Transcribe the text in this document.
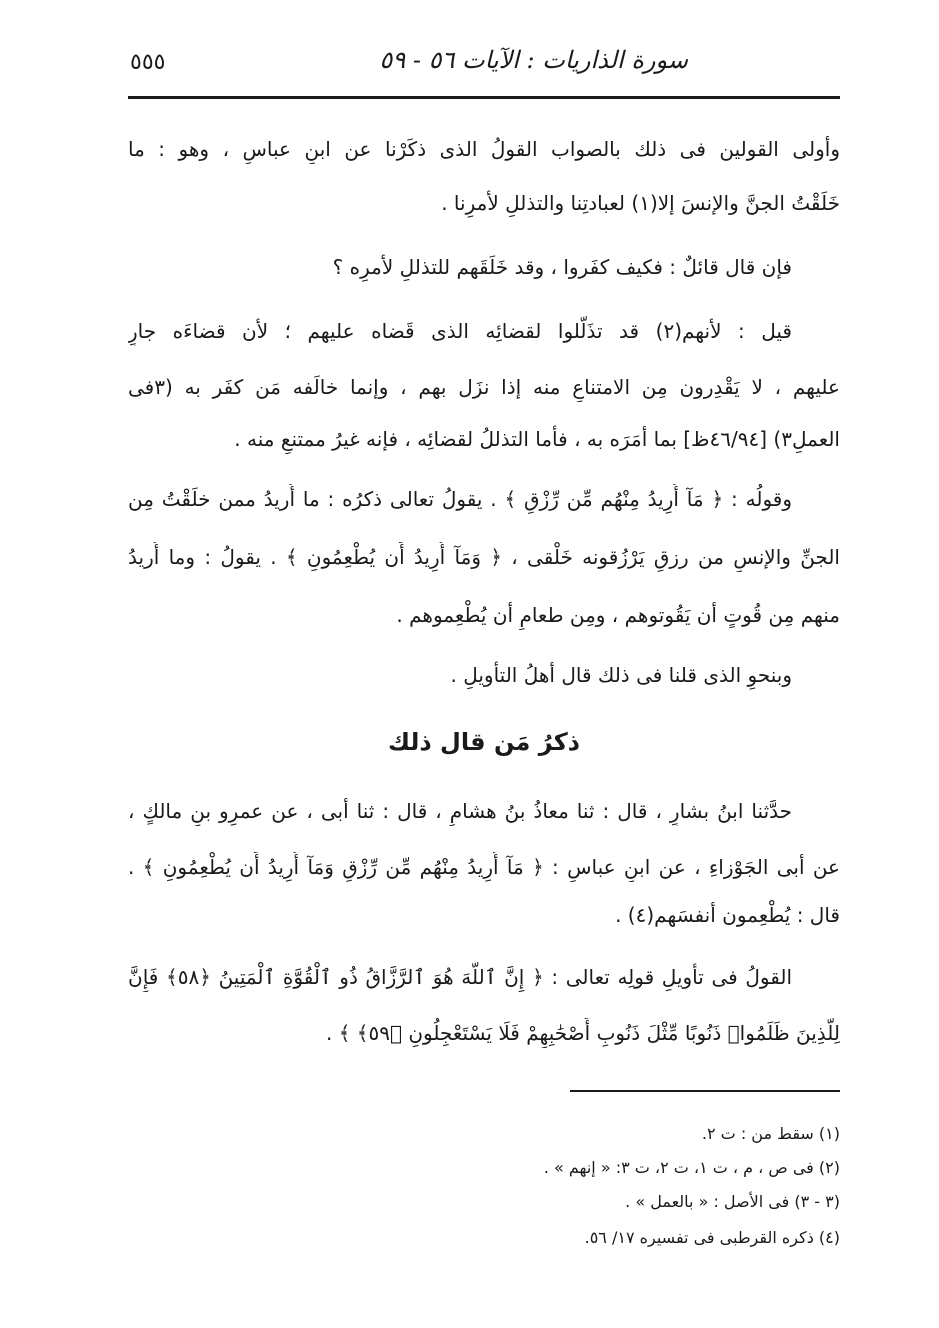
سورة الذاريات : الآيات ٥٦ - ٥٩
٥٥٥
وأولى القولين فى ذلك بالصواب القولُ الذى ذكَرْنا عن ابنِ عباسٍ ، وهو : ما
خَلَقْتُ الجنَّ والإنسَ إلا(١) لعبادتِنا والتذللِ لأمرِنا .
فإن قال قائلٌ : فكيف كفَروا ، وقد خَلَقَهم للتذللِ لأمرِه ؟
قيل : لأنهم(٢) قد تذَلَّلوا لقضائِه الذى قَضاه عليهم ؛ لأن قضاءَه جارٍ
عليهم ، لا يَقْدِرون مِن الامتناعِ منه إذا نزَل بهم ، وإنما خالَفه مَن كفَر به (٣فى
العملِ٣) [٤٦/٩٤ظ] بما أمَرَه به ، فأما التذللُ لقضائِه ، فإنه غيرُ ممتنعٍ منه .
وقولُه : ﴿ مَآ أُرِيدُ مِنْهُم مِّن رِّزْقٍ ﴾ . يقولُ تعالى ذكرُه : ما أُريدُ ممن خلَقْتُ مِن
الجنِّ والإنسِ من رزقٍ يَرْزُقونه خَلْقى ، ﴿ وَمَآ أُرِيدُ أَن يُطْعِمُونِ ﴾ . يقولُ : وما أُريدُ
منهم مِن قُوتٍ أن يَقُوتوهم ، ومِن طعامٍ أن يُطْعِموهم .
وبنحوِ الذى قلنا فى ذلك قال أهلُ التأويلِ .
ذكرُ مَن قال ذلك
حدَّثنا ابنُ بشارٍ ، قال : ثنا معاذُ بنُ هشامٍ ، قال : ثنا أبى ، عن عمرِو بنِ مالكٍ ،
عن أبى الجَوْزاءِ ، عن ابنِ عباسٍ : ﴿ مَآ أُرِيدُ مِنْهُم مِّن رِّزْقٍ وَمَآ أُرِيدُ أَن يُطْعِمُونِ ﴾ .
قال : يُطْعِمون أنفسَهم(٤) .
القولُ فى تأويلِ قولِه تعالى : ﴿ إِنَّ ٱللَّهَ هُوَ ٱلرَّزَّاقُ ذُو ٱلْقُوَّةِ ٱلْمَتِينُ ﴿٥٨﴾ فَإِنَّ
لِلَّذِينَ ظَلَمُوا۟ ذَنُوبًا مِّثْلَ ذَنُوبِ أَصْحَٰبِهِمْ فَلَا يَسْتَعْجِلُونِ ﴿٥٩﴾ ﴾ .
(١) سقط من : ت ٢.
(٢) فى ص ، م ، ت ١، ت ٢، ت ٣: « إنهم » .
(٣ - ٣) فى الأصل : « بالعمل » .
(٤) ذكره القرطبى فى تفسيره ١٧/ ٥٦.
